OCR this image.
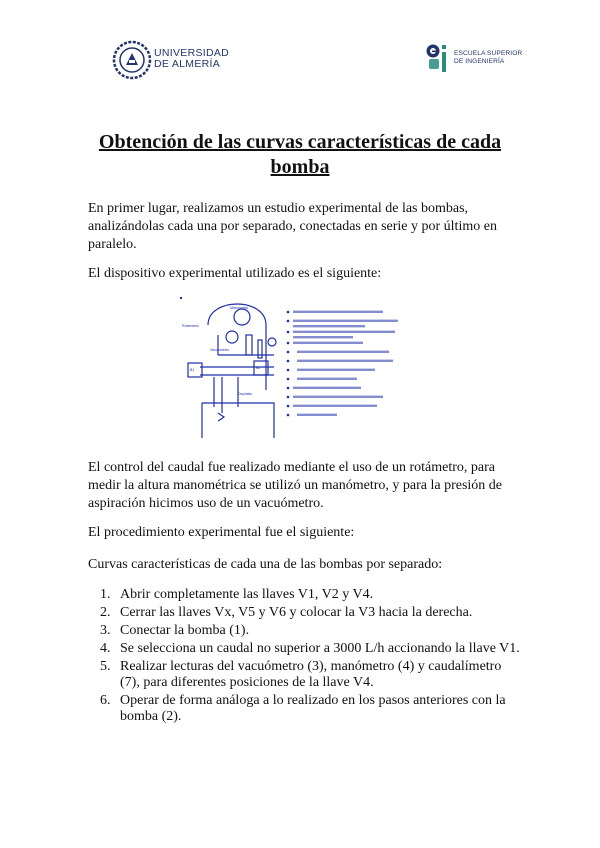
UNIVERSIDAD
DE ALMERÍA
ESCUELA SUPERIOR
DE INGENIERÍA
Obtención de las curvas características de cada
bomba

En primer lugar, realizamos un estudio experimental de las bombas, analizándolas cada una por separado, conectadas en serie y por último en paralelo.

El dispositivo experimental utilizado es el siguiente:

Manómetro
Rotámetro
Vacuómetro
B1	B2
Depósito

El control del caudal fue realizado mediante el uso de un rotámetro, para medir la altura manométrica se utilizó un manómetro, y para la presión de aspiración hicimos uso de un vacuómetro.

El procedimiento experimental fue el siguiente:

Curvas características de cada una de las bombas por separado:

1. Abrir completamente las llaves V1, V2 y V4.
2. Cerrar las llaves Vx, V5 y V6 y colocar la V3 hacia la derecha.
3. Conectar la bomba (1).
4. Se selecciona un caudal no superior a 3000 L/h accionando la llave V1.
5. Realizar lecturas del vacuómetro (3), manómetro (4) y caudalímetro (7), para diferentes posiciones de la llave V4.
6. Operar de forma análoga a lo realizado en los pasos anteriores con la bomba (2).
